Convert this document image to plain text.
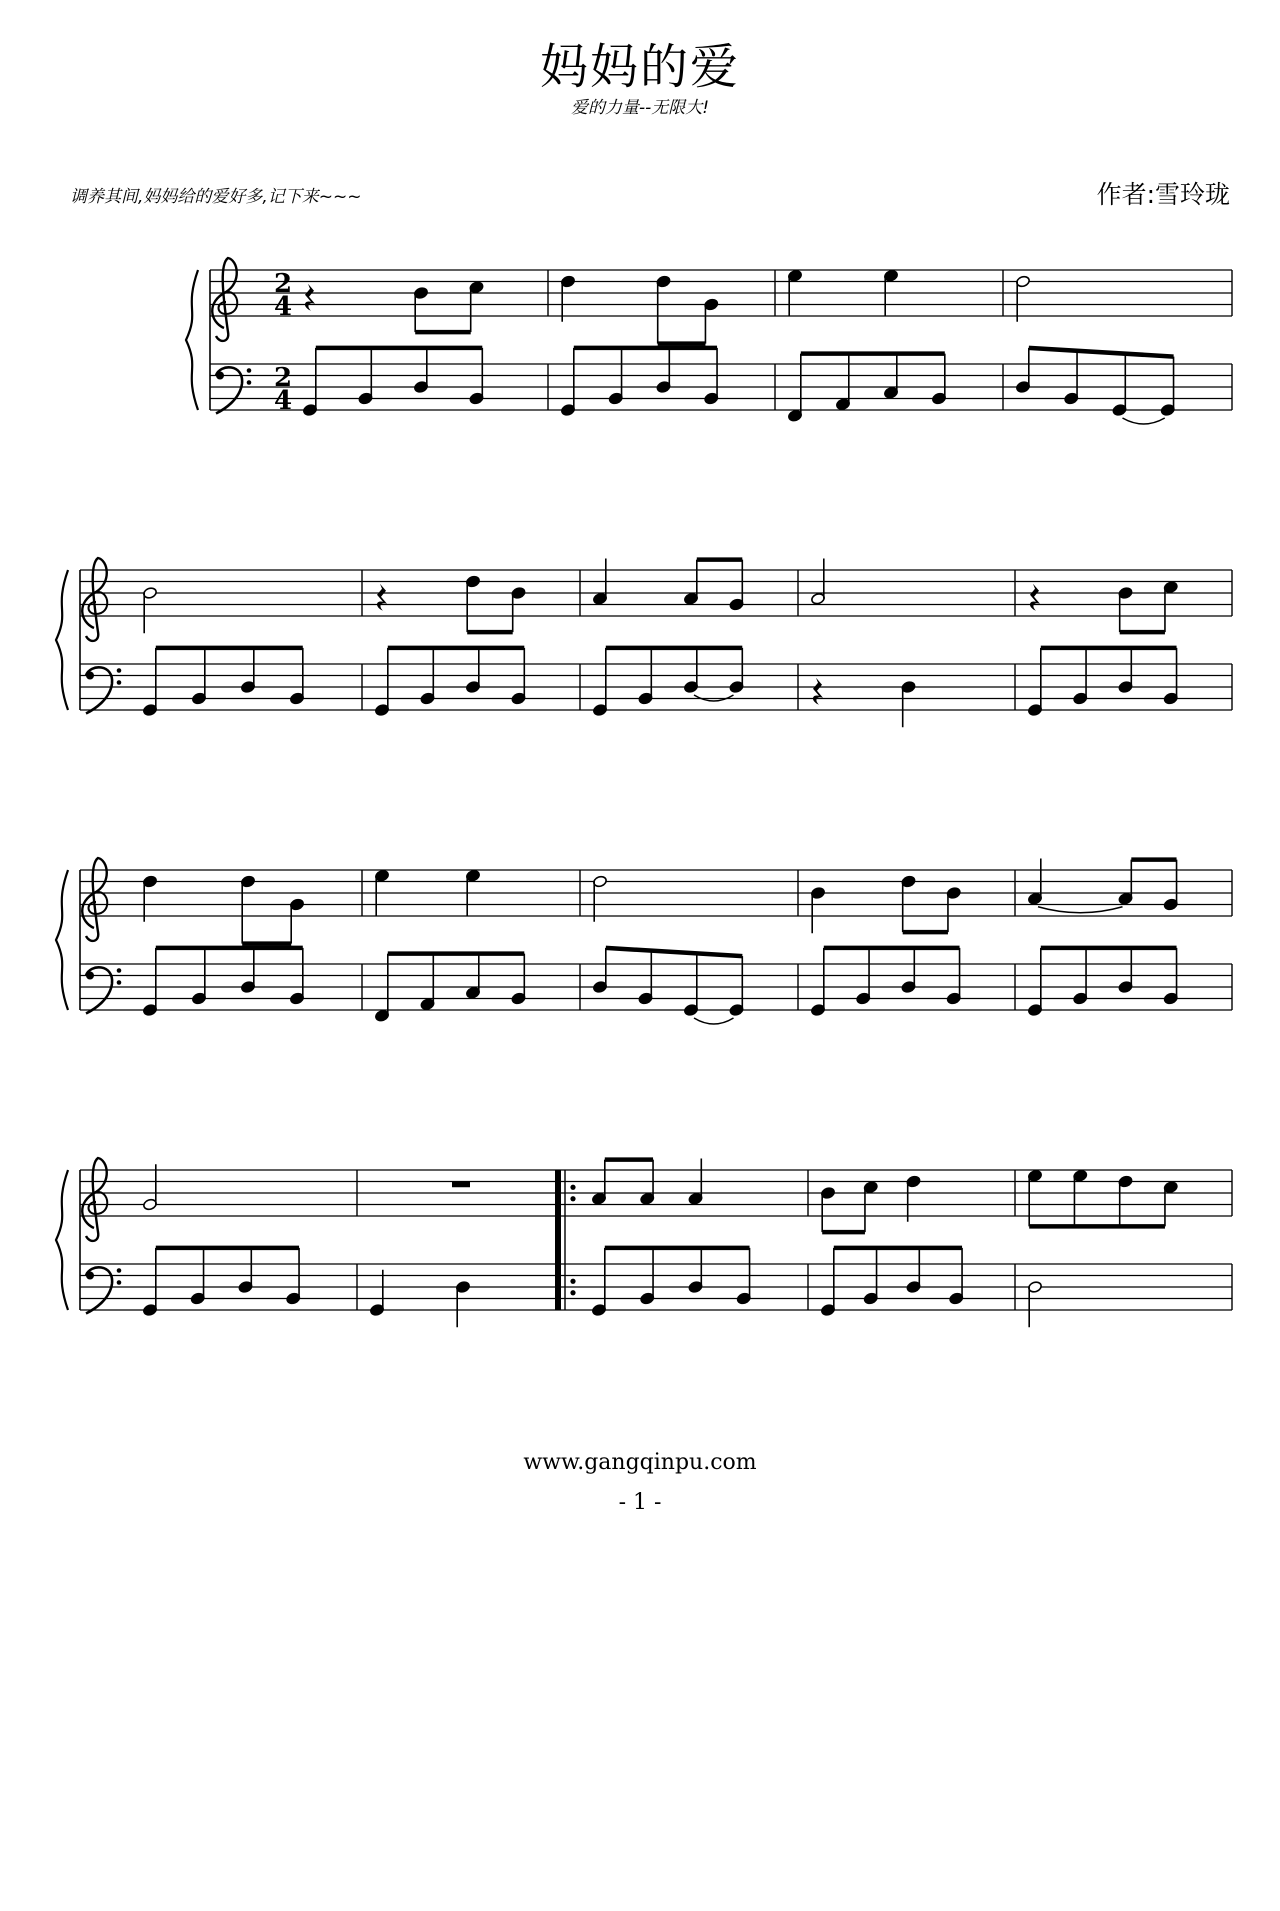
妈妈的爱
爱的力量--无限大!
调养其间,妈妈给的爱好多,记下来~~~	作者:雪玲珑
2
4
2
4
www.gangqinpu.com
- 1 -
